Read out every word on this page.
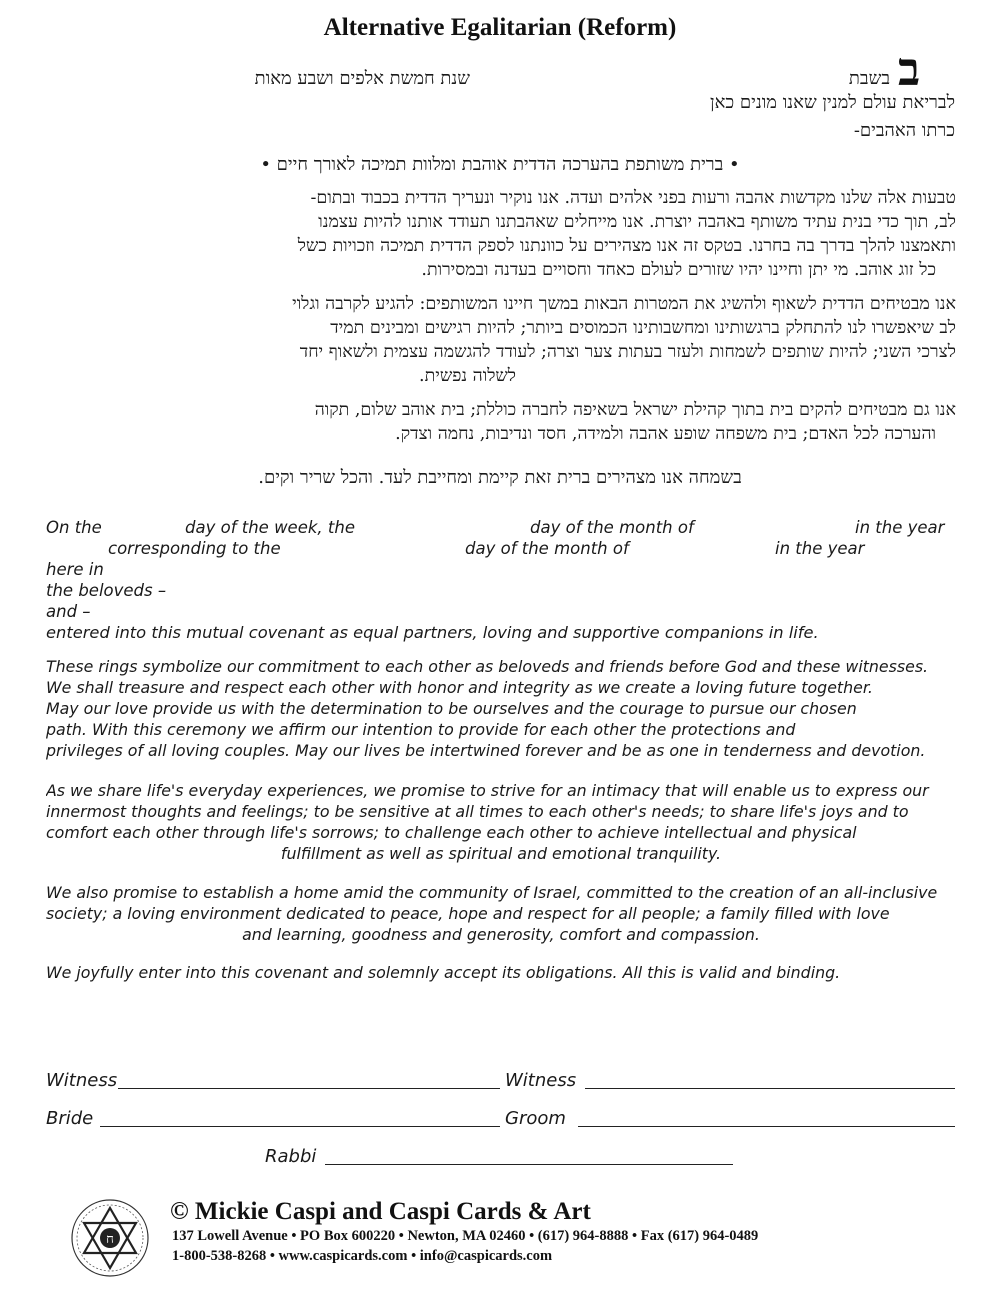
Alternative Egalitarian (Reform)
ב
בשבת
שנת חמשת אלפים ושבע מאות
לבריאת עולם למנין שאנו מונים כאן
כרתו האהבים-
• ברית משותפת בהערכה הדדית אוהבת ומלוות תמיכה לאורך חיים •
טבעות אלה שלנו מקדשות אהבה ורעות בפני אלהים ועדה. אנו נוקיר ונעריך הדדית בכבוד ובתום-
לב, תוך כדי בנית עתיד משותף באהבה יוצרת. אנו מייחלים שאהבתנו תעודד אותנו להיות עצמנו
ותאמצנו להלך בדרך בה בחרנו. בטקס זה אנו מצהירים על כוונתנו לספק הדדית תמיכה וזכויות כשל
כל זוג אוהב. מי יתן וחיינו יהיו שזורים לעולם כאחד וחסויים בעדנה ובמסירות.
אנו מבטיחים הדדית לשאוף ולהשיג את המטרות הבאות במשך חיינו המשותפים: להגיע לקרבה וגלוי
לב שיאפשרו לנו להתחלק ברגשותינו ומחשבותינו הכמוסים ביותר; להיות רגישים ומבינים תמיד
לצרכי השני; להיות שותפים לשמחות ולעזר בעתות צער וצרה; לעודד להגשמה עצמית ולשאוף יחד
לשלוה נפשית.
אנו גם מבטיחים להקים בית בתוך קהילת ישראל בשאיפה לחברה כוללת; בית אוהב שלום, תקוה
והערכה לכל האדם; בית משפחה שופע אהבה ולמידה, חסד ונדיבות, נחמה וצדק.
בשמחה אנו מצהירים ברית זאת קיימת ומחייבת לעד. והכל שריר וקים.
On the	day of the week, the	day of the month of	in the year
corresponding to the	day of the month of	in the year
here in
the beloveds –
and –
entered into this mutual covenant as equal partners, loving and supportive companions in life.
These rings symbolize our commitment to each other as beloveds and friends before God and these witnesses.
We shall treasure and respect each other with honor and integrity as we create a loving future together.
May our love provide us with the determination to be ourselves and the courage to pursue our chosen
path. With this ceremony we affirm our intention to provide for each other the protections and
privileges of all loving couples. May our lives be intertwined forever and be as one in tenderness and devotion.
As we share life's everyday experiences, we promise to strive for an intimacy that will enable us to express our
innermost thoughts and feelings; to be sensitive at all times to each other's needs; to share life's joys and to
comfort each other through life's sorrows; to challenge each other to achieve intellectual and physical
fulfillment as well as spiritual and emotional tranquility.
We also promise to establish a home amid the community of Israel, committed to the creation of an all-inclusive
society; a loving environment dedicated to peace, hope and respect for all people; a family filled with love
and learning, goodness and generosity, comfort and compassion.
We joyfully enter into this covenant and solemnly accept its obligations. All this is valid and binding.
Witness	Witness
Bride	Groom
Rabbi
ח
© Mickie Caspi and Caspi Cards & Art
137 Lowell Avenue • PO Box 600220 • Newton, MA 02460 • (617) 964-8888 • Fax (617) 964-0489
1-800-538-8268 • www.caspicards.com • info@caspicards.com
